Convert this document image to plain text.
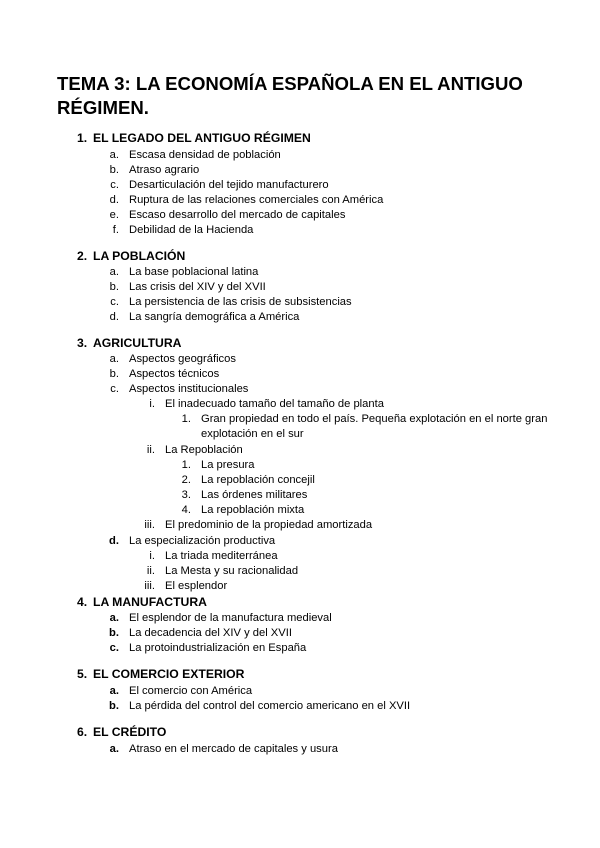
TEMA 3: LA ECONOMÍA ESPAÑOLA EN EL ANTIGUO RÉGIMEN.
1. EL LEGADO DEL ANTIGUO RÉGIMEN
a. Escasa densidad de población
b. Atraso agrario
c. Desarticulación del tejido manufacturero
d. Ruptura de las relaciones comerciales con América
e. Escaso desarrollo del mercado de capitales
f. Debilidad de la Hacienda
2. LA POBLACIÓN
a. La base poblacional latina
b. Las crisis del XIV y del XVII
c. La persistencia de las crisis de subsistencias
d. La sangría demográfica a América
3. AGRICULTURA
a. Aspectos geográficos
b. Aspectos técnicos
c. Aspectos institucionales
i. El inadecuado tamaño del tamaño de planta
1. Gran propiedad en todo el país. Pequeña explotación en el norte gran explotación en el sur
ii. La Repoblación
1. La presura
2. La repoblación concejil
3. Las órdenes militares
4. La repoblación mixta
iii. El predominio de la propiedad amortizada
d. La especialización productiva
i. La triada mediterránea
ii. La Mesta y su racionalidad
iii. El esplendor
4. LA MANUFACTURA
a. El esplendor de la manufactura medieval
b. La decadencia del XIV y del XVII
c. La protoindustrialización en España
5. EL COMERCIO EXTERIOR
a. El comercio con América
b. La pérdida del control del comercio americano en el XVII
6. EL CRÉDITO
a. Atraso en el mercado de capitales y usura
